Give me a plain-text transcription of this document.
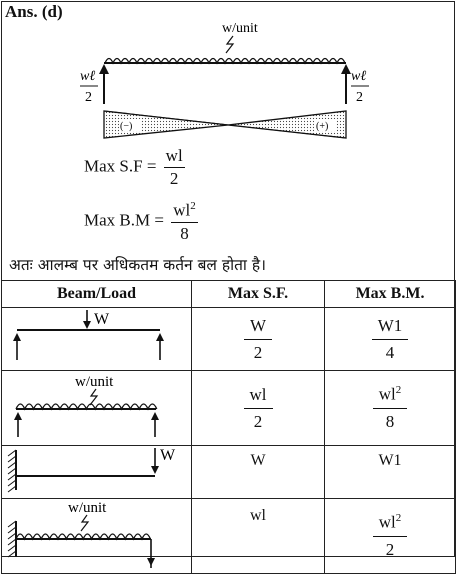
Ans. (d)
w/unit
wℓ
2
wℓ
2
(−)	(+)
Max $S.F = \frac{wl}{2}$
Max $B.M = \frac{wl^2}{8}$
अतः आलम्ब पर अधिकतम कर्तन बल होता है।
Beam/Load	Max S.F.	Max B.M.

W	$\frac{W}{2}$	$\frac{W1}{4}$

w/unit	$\frac{wl}{2}$	$\frac{wl^2}{8}$

W	W	W1

w/unit	wl	$\frac{wl^2}{2}$
